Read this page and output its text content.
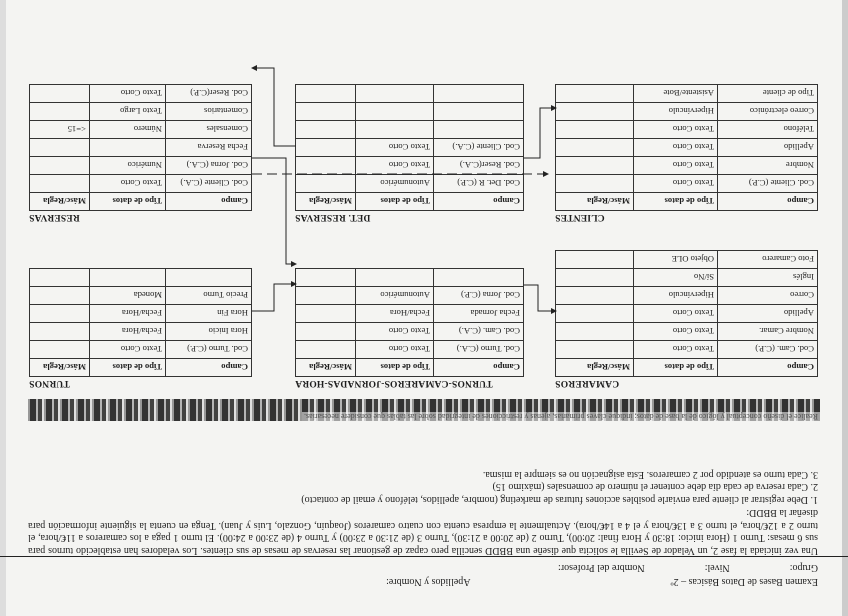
Examen Bases de Datos Básicas – 2º
Apellidos y Nombre:
Grupo:
Nivel:
Nombre del Profesor:

Una vez iniciada la fase 2, un Velador de Sevilla le solicita que diseñe una BBDD sencilla pero capaz de gestionar las reservas de mesas de sus clientes. Los veladores han establecido turnos para sus 6 mesas: Turno 1 (Hora inicio: 18:30 y Hora final: 20:00), Turno 2 (de 20:00 a 21:30), Turno 3 (de 21:30 a 23:00) y Turno 4 (de 23:00 a 24:00). El turno 1 paga a los camareros a 11€/hora, el turno 2 a 12€/hora, el turno 3 a 13€/hora y el 4 a 14€/hora). Actualmente la empresa cuenta con cuatro camareros (Joaquín, Gonzalo, Luis y Juan). Tenga en cuenta la siguiente información para diseñar la BBDD:

1. Debe registrar al cliente para enviarle posibles acciones futuras de marketing (nombre, apellidos, teléfono y email de contacto)
2. Cada reserva de cada día debe contener el número de comensales (máximo 15)
3. Cada turno es atendido por 2 camareros. Esta asignación no es siempre la misma.
Realice el diseño conceptual y lógico de la base de datos; indique claves primarias, ajenas y restricciones de integridad sobre las tablas que considere necesarias.
TURNOS
Campo	Tipo de datos	Másc/Regla
Cod. Turno (C.P.)	Texto Corto	
Hora Inicio	Fecha/Hora	
Hora Fin	Fecha/Hora	
Precio Turno	Moneda	

TURNOS-CAMAREROS-JORNADAS-HORA
Campo	Tipo de datos	Másc/Regla
Cod. Turno (C.A.)	Texto Corto	
Cod. Cam. (C.A.)	Texto Corto	
Fecha Jornada	Fecha/Hora	
Cod. Jorna (C.P.)	Autonumérico	

CAMAREROS
Campo	Tipo de datos	Másc/Regla
Cod. Cam. (C.P.)	Texto Corto	
Nombre Camar.	Texto Corto	
Apellido	Texto Corto	
Correo	Hipervínculo	
Inglés	Sí/No	
Foto Camarero	Objeto OLE	
RESERVAS
Campo	Tipo de datos	Másc/Regla
Cod. Cliente (C.A.)	Texto Corto	
Cod. Jorna (C.A.)	Numérico	
Fecha Reserva		
Comensales	Número	<=15
Comentarios	Texto Largo	
Cod. Reser(C.P.)	Texto Corto	
DET. RESERVAS
Campo	Tipo de datos	Másc/Regla
Cod. Det. R (C.P.)	Autonumérico	
Cod. Reser(C.A.)	Texto Corto	
Cod. Cliente (C.A.)	Texto Corto	

CLIENTES
Campo	Tipo de datos	Másc/Regla
Cod. Cliente (C.P.)	Texto Corto	
Nombre	Texto Corto	
Apellido	Texto Corto	
Teléfono	Texto Corto	
Correo electrónico	Hipervínculo	
Tipo de cliente	Asistente/Bote	
